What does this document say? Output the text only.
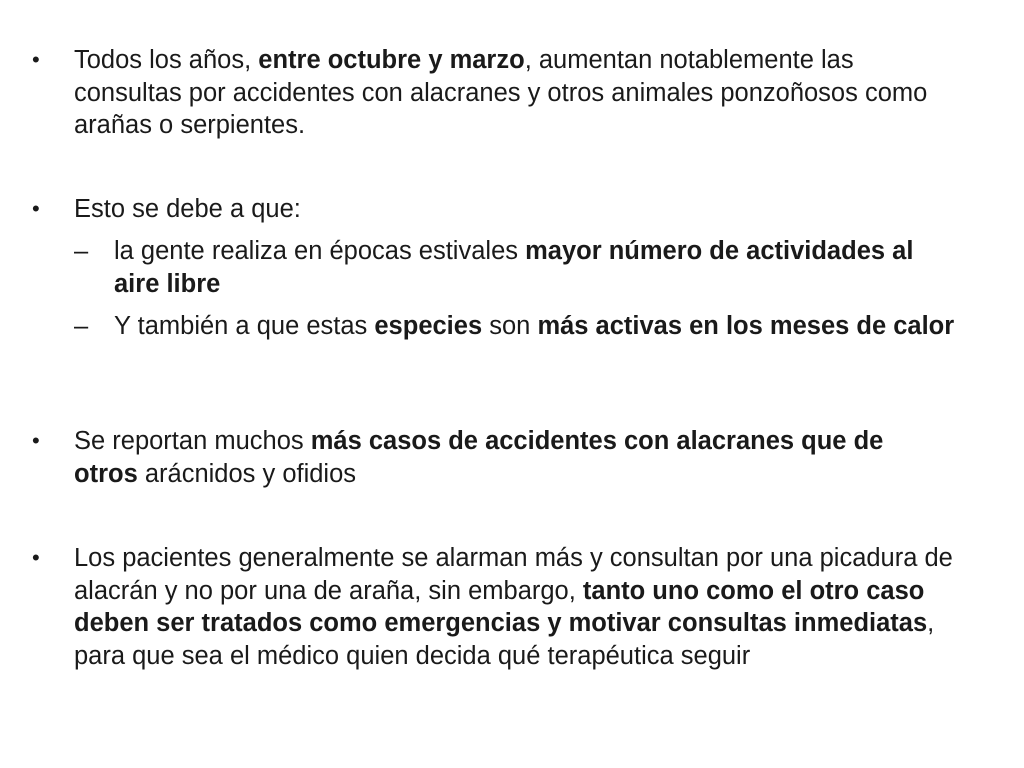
• Todos los años, entre octubre y marzo, aumentan notablemente las consultas por accidentes con alacranes y otros animales ponzoñosos como arañas o serpientes.
• Esto se debe a que:
– la gente realiza en épocas estivales mayor número de actividades al aire libre
– Y también a que estas especies son más activas en los meses de calor
• Se reportan muchos más casos de accidentes con alacranes que de otros arácnidos y ofidios
• Los pacientes generalmente se alarman más y consultan por una picadura de alacrán y no por una de araña, sin embargo, tanto uno como el otro caso deben ser tratados como emergencias y motivar consultas inmediatas, para que sea el médico quien decida qué terapéutica seguir
